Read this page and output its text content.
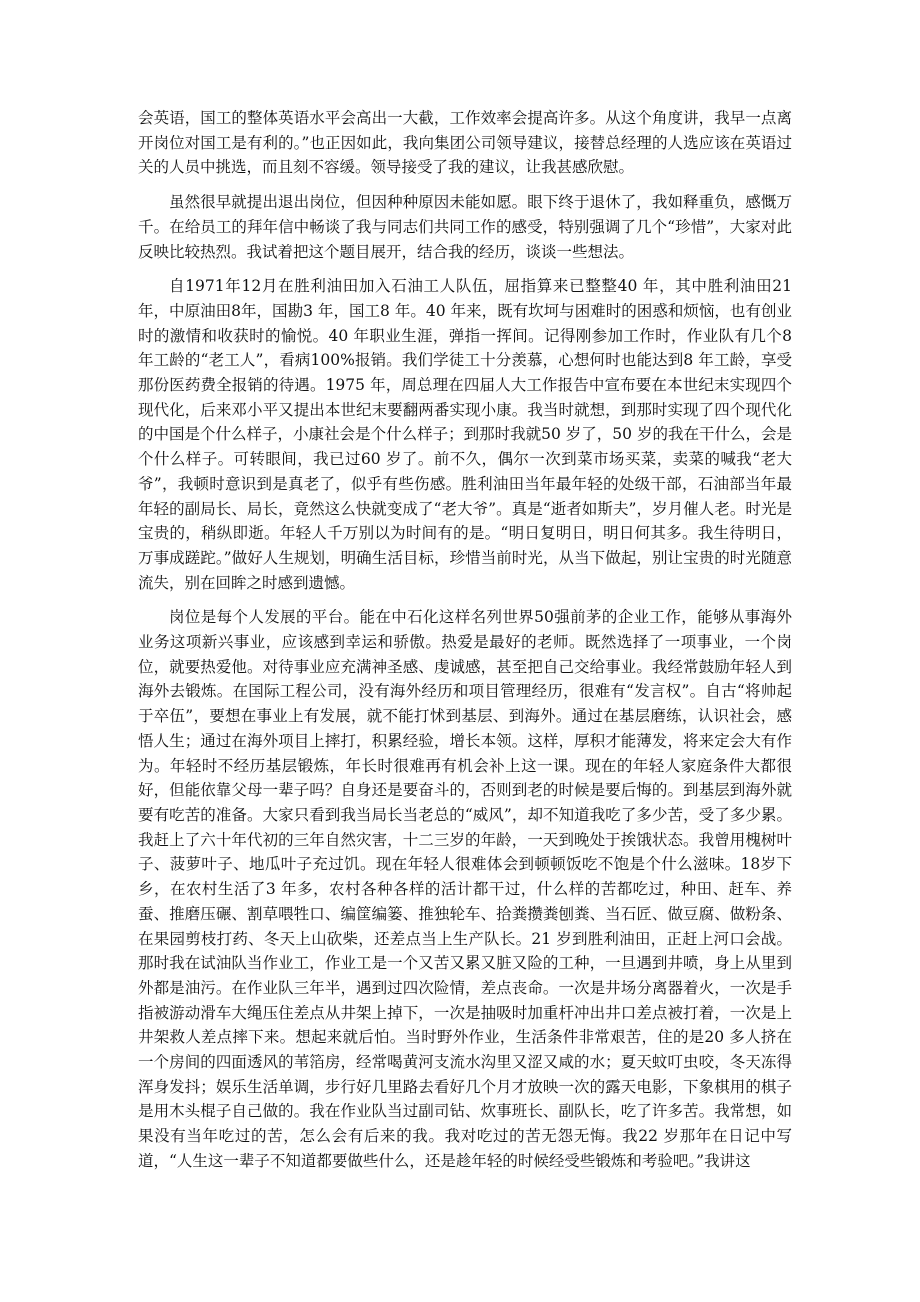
会英语，国工的整体英语水平会高出一大截，工作效率会提高许多。从这个角度讲，我早一点离开岗位对国工是有利的。”也正因如此，我向集团公司领导建议，接替总经理的人选应该在英语过关的人员中挑选，而且刻不容缓。领导接受了我的建议，让我甚感欣慰。

虽然很早就提出退出岗位，但因种种原因未能如愿。眼下终于退休了，我如释重负，感慨万千。在给员工的拜年信中畅谈了我与同志们共同工作的感受，特别强调了几个“珍惜”，大家对此反映比较热烈。我试着把这个题目展开，结合我的经历，谈谈一些想法。

自1971年12月在胜利油田加入石油工人队伍，屈指算来已整整40 年，其中胜利油田21 年，中原油田8年，国勘3 年，国工8 年。40 年来，既有坎坷与困难时的困惑和烦恼，也有创业时的激情和收获时的愉悦。40 年职业生涯，弹指一挥间。记得刚参加工作时，作业队有几个8 年工龄的“老工人”，看病100%报销。我们学徒工十分羡慕，心想何时也能达到8 年工龄，享受那份医药费全报销的待遇。1975 年，周总理在四届人大工作报告中宣布要在本世纪末实现四个现代化，后来邓小平又提出本世纪末要翻两番实现小康。我当时就想，到那时实现了四个现代化的中国是个什么样子，小康社会是个什么样子；到那时我就50 岁了，50 岁的我在干什么，会是个什么样子。可转眼间，我已过60 岁了。前不久，偶尔一次到菜市场买菜，卖菜的喊我“老大爷”，我顿时意识到是真老了，似乎有些伤感。胜利油田当年最年轻的处级干部，石油部当年最年轻的副局长、局长，竟然这么快就变成了“老大爷”。真是“逝者如斯夫”，岁月催人老。时光是宝贵的，稍纵即逝。年轻人千万别以为时间有的是。“明日复明日，明日何其多。我生待明日，万事成蹉跎。”做好人生规划，明确生活目标，珍惜当前时光，从当下做起，别让宝贵的时光随意流失，别在回眸之时感到遗憾。

岗位是每个人发展的平台。能在中石化这样名列世界50强前茅的企业工作，能够从事海外业务这项新兴事业，应该感到幸运和骄傲。热爱是最好的老师。既然选择了一项事业，一个岗位，就要热爱他。对待事业应充满神圣感、虔诚感，甚至把自己交给事业。我经常鼓励年轻人到海外去锻炼。在国际工程公司，没有海外经历和项目管理经历，很难有“发言权”。自古“将帅起于卒伍”，要想在事业上有发展，就不能打怵到基层、到海外。通过在基层磨练，认识社会，感悟人生；通过在海外项目上摔打，积累经验，增长本领。这样，厚积才能薄发，将来定会大有作为。年轻时不经历基层锻炼，年长时很难再有机会补上这一课。现在的年轻人家庭条件大都很好，但能依靠父母一辈子吗？自身还是要奋斗的，否则到老的时候是要后悔的。到基层到海外就要有吃苦的准备。大家只看到我当局长当老总的“威风”，却不知道我吃了多少苦，受了多少累。我赶上了六十年代初的三年自然灾害，十二三岁的年龄，一天到晚处于挨饿状态。我曾用槐树叶子、菠萝叶子、地瓜叶子充过饥。现在年轻人很难体会到顿顿饭吃不饱是个什么滋味。18岁下乡，在农村生活了3 年多，农村各种各样的活计都干过，什么样的苦都吃过，种田、赶车、养蚕、推磨压碾、割草喂牲口、编筐编篓、推独轮车、拾粪攒粪刨粪、当石匠、做豆腐、做粉条、在果园剪枝打药、冬天上山砍柴，还差点当上生产队长。21 岁到胜利油田，正赶上河口会战。那时我在试油队当作业工，作业工是一个又苦又累又脏又险的工种，一旦遇到井喷，身上从里到外都是油污。在作业队三年半，遇到过四次险情，差点丧命。一次是井场分离器着火，一次是手指被游动滑车大绳压住差点从井架上掉下，一次是抽吸时加重杆冲出井口差点被打着，一次是上井架救人差点摔下来。想起来就后怕。当时野外作业，生活条件非常艰苦，住的是20 多人挤在一个房间的四面透风的苇箔房，经常喝黄河支流水沟里又涩又咸的水；夏天蚊叮虫咬，冬天冻得浑身发抖；娱乐生活单调，步行好几里路去看好几个月才放映一次的露天电影，下象棋用的棋子是用木头棍子自己做的。我在作业队当过副司钻、炊事班长、副队长，吃了许多苦。我常想，如果没有当年吃过的苦，怎么会有后来的我。我对吃过的苦无怨无悔。我22 岁那年在日记中写道，“人生这一辈子不知道都要做些什么，还是趁年轻的时候经受些锻炼和考验吧。”我讲这
